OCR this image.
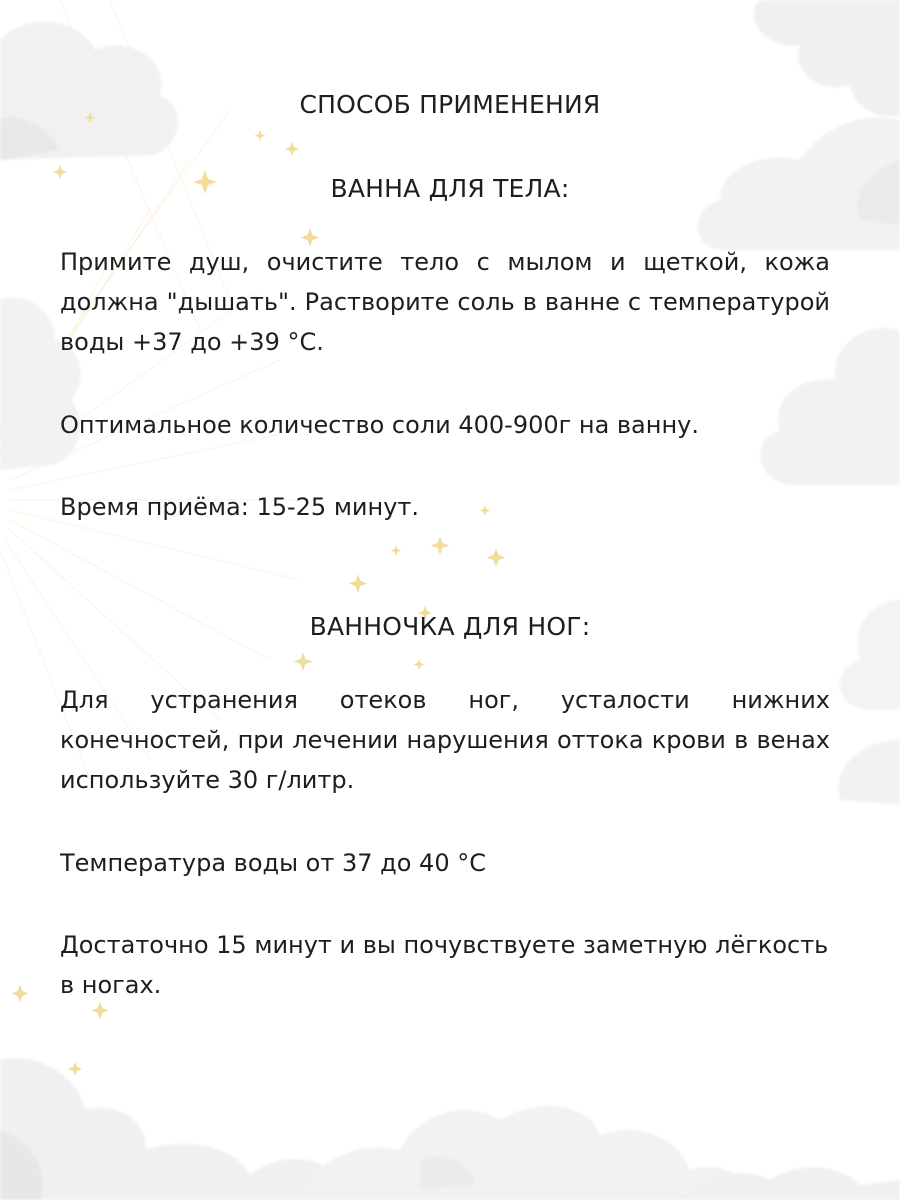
СПОСОБ ПРИМЕНЕНИЯ
ВАННА ДЛЯ ТЕЛА:

Примите душ, очистите тело с мылом и щеткой, кожа должна "дышать". Растворите соль в ванне с температурой воды +37 до +39 °С.

Оптимальное количество соли 400-900г на ванну.

Время приёма: 15-25 минут.

ВАННОЧКА ДЛЯ НОГ:

Для устранения отеков ног, усталости нижних конечностей, при лечении нарушения оттока крови в венах используйте 30 г/литр.

Температура воды от 37 до 40 °С

Достаточно 15 минут и вы почувствуете заметную лёгкость в ногах.
